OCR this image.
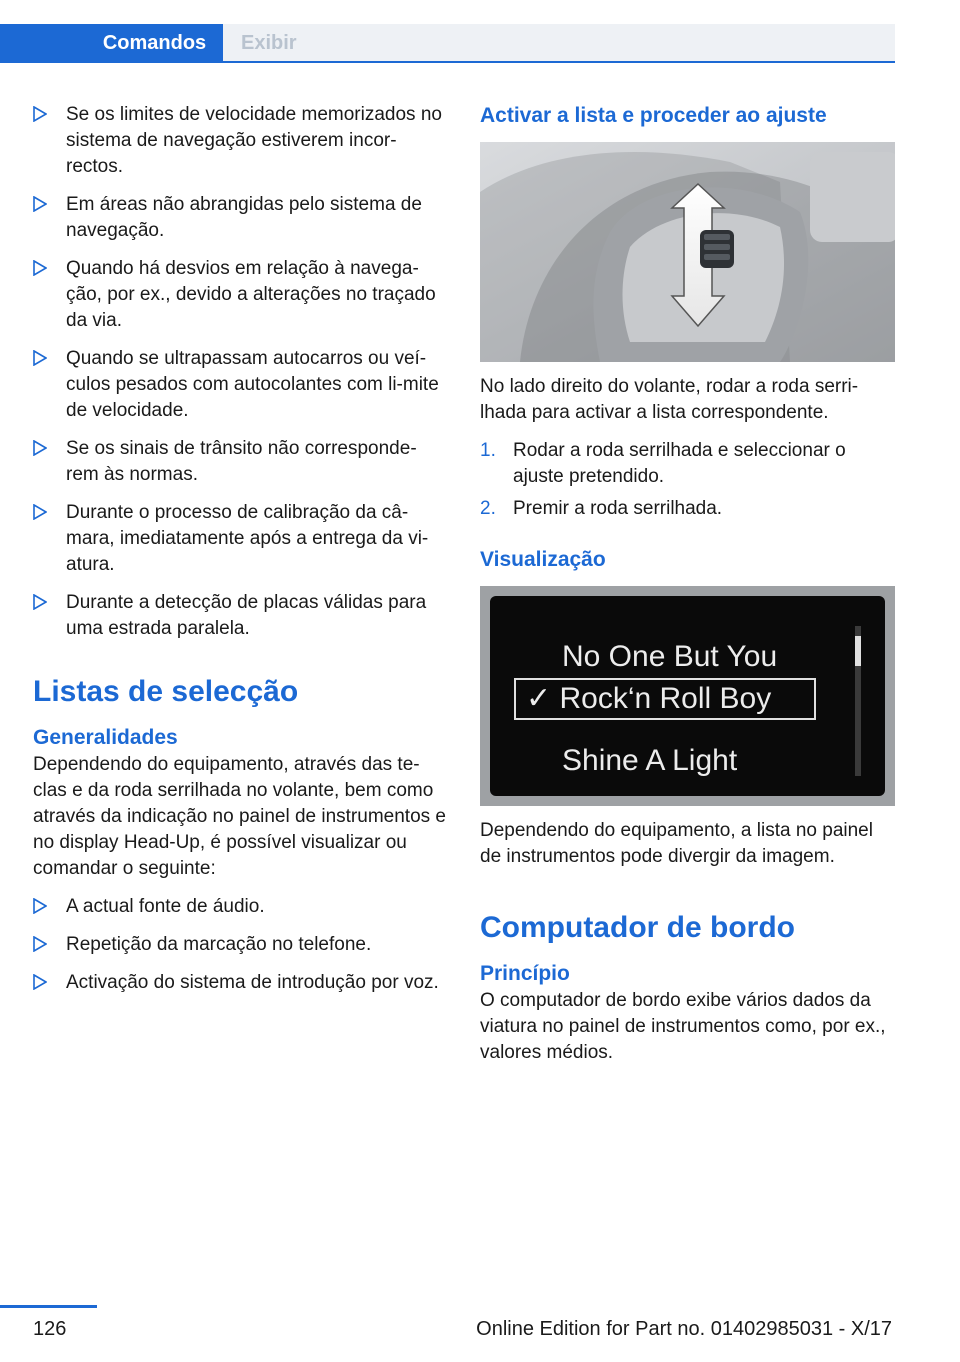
Comandos	Exibir
Se os limites de velocidade memorizados no sistema de navegação estiverem incor‐rectos.
Em áreas não abrangidas pelo sistema de navegação.
Quando há desvios em relação à navega‐ção, por ex., devido a alterações no traçado da via.
Quando se ultrapassam autocarros ou veí‐culos pesados com autocolantes com li‐mite de velocidade.
Se os sinais de trânsito não corresponde‐rem às normas.
Durante o processo de calibração da câ‐mara, imediatamente após a entrega da vi‐atura.
Durante a detecção de placas válidas para uma estrada paralela.
Listas de selecção
Generalidades

Dependendo do equipamento, através das te‐clas e da roda serrilhada no volante, bem como através da indicação no painel de instrumentos e no display Head-Up, é possível visualizar ou comandar o seguinte:

A actual fonte de áudio.
Repetição da marcação no telefone.
Activação do sistema de introdução por voz.
Activar a lista e proceder ao ajuste

No lado direito do volante, rodar a roda serri‐lhada para activar a lista correspondente.

1. Rodar a roda serrilhada e seleccionar o ajuste pretendido.
2. Premir a roda serrilhada.
Visualização
No One But You
✓ Rock‘n Roll Boy
Shine A Light

Dependendo do equipamento, a lista no painel de instrumentos pode divergir da imagem.

Computador de bordo
Princípio

O computador de bordo exibe vários dados da viatura no painel de instrumentos como, por ex., valores médios.

126	Online Edition for Part no. 01402985031 - X/17
